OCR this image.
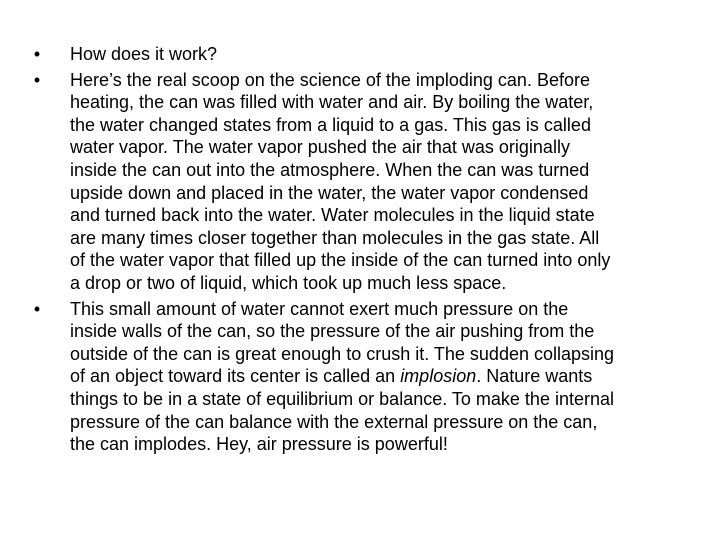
• How does it work?
• Here’s the real scoop on the science of the imploding can. Before
heating, the can was filled with water and air. By boiling the water,
the water changed states from a liquid to a gas. This gas is called
water vapor. The water vapor pushed the air that was originally
inside the can out into the atmosphere. When the can was turned
upside down and placed in the water, the water vapor condensed
and turned back into the water. Water molecules in the liquid state
are many times closer together than molecules in the gas state. All
of the water vapor that filled up the inside of the can turned into only
a drop or two of liquid, which took up much less space.
• This small amount of water cannot exert much pressure on the
inside walls of the can, so the pressure of the air pushing from the
outside of the can is great enough to crush it. The sudden collapsing
of an object toward its center is called an implosion. Nature wants
things to be in a state of equilibrium or balance. To make the internal
pressure of the can balance with the external pressure on the can,
the can implodes. Hey, air pressure is powerful!
